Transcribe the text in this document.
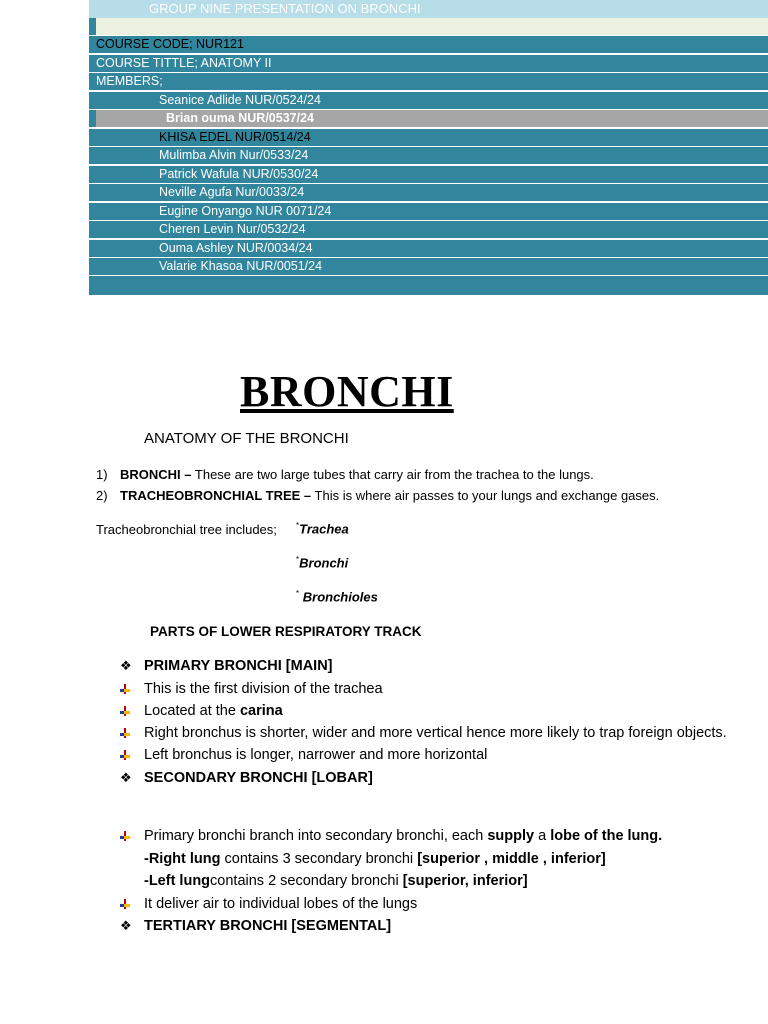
GROUP NINE PRESENTATION ON BRONCHI
COURSE CODE; NUR121
COURSE TITTLE; ANATOMY II
MEMBERS;
Seanice Adlide NUR/0524/24
Brian ouma NUR/0537/24
KHISA EDEL NUR/0514/24
Mulimba Alvin Nur/0533/24
Patrick Wafula NUR/0530/24
Neville Agufa Nur/0033/24
Eugine Onyango NUR 0071/24
Cheren Levin Nur/0532/24
Ouma Ashley NUR/0034/24
Valarie Khasoa NUR/0051/24
BRONCHI
ANATOMY OF THE BRONCHI
1) BRONCHI – These are two large tubes that carry air from the trachea to the lungs.
2) TRACHEOBRONCHIAL TREE – This is where air passes to your lungs and exchange gases.
Tracheobronchial tree includes; *Trachea
*Bronchi
* Bronchioles
PARTS OF LOWER RESPIRATORY TRACK
❖ PRIMARY BRONCHI [MAIN]
This is the first division of the trachea
Located at the carina
Right bronchus is shorter, wider and more vertical hence more likely to trap foreign objects.
Left bronchus is longer, narrower and more horizontal
❖ SECONDARY BRONCHI [LOBAR]
Primary bronchi branch into secondary bronchi, each supply a lobe of the lung.
-Right lung contains 3 secondary bronchi [superior , middle , inferior]
-Left lungcontains 2 secondary bronchi [superior, inferior]
It deliver air to individual lobes of the lungs
❖ TERTIARY BRONCHI [SEGMENTAL]
